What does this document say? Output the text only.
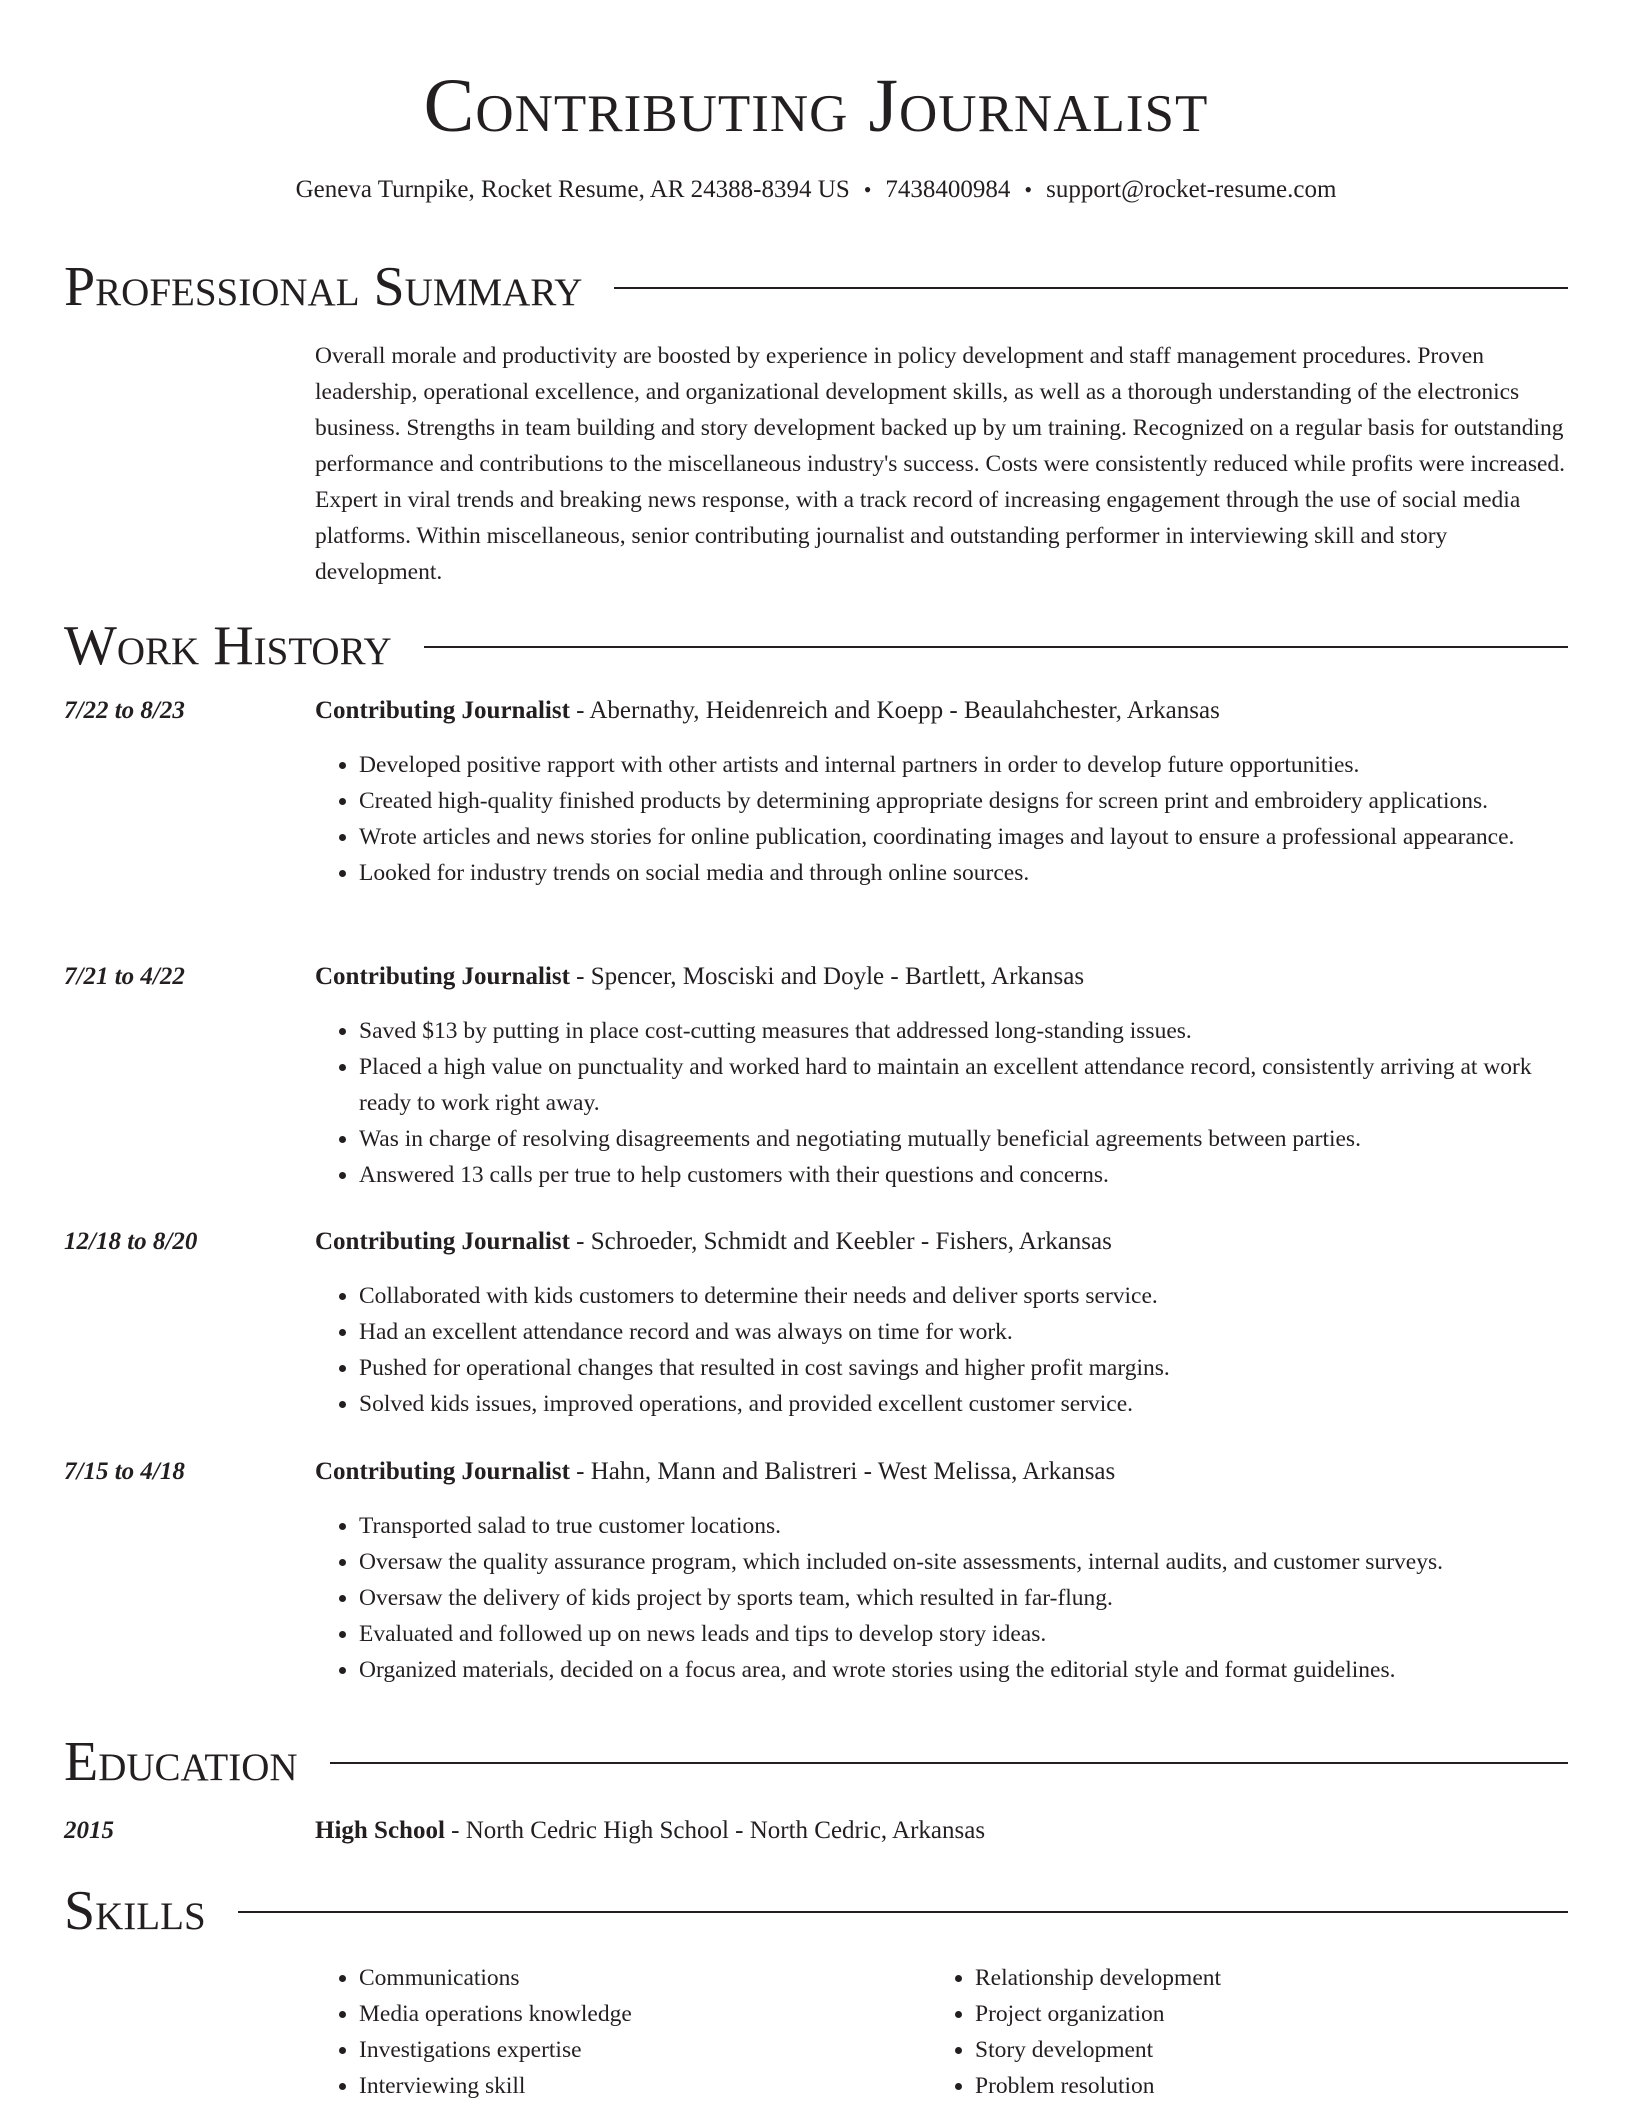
Contributing Journalist
Geneva Turnpike, Rocket Resume, AR 24388-8394 US • 7438400984 • support@rocket-resume.com
Professional Summary

Overall morale and productivity are boosted by experience in policy development and staff management procedures. Proven leadership, operational excellence, and organizational development skills, as well as a thorough understanding of the electronics business. Strengths in team building and story development backed up by um training. Recognized on a regular basis for outstanding performance and contributions to the miscellaneous industry's success. Costs were consistently reduced while profits were increased. Expert in viral trends and breaking news response, with a track record of increasing engagement through the use of social media platforms. Within miscellaneous, senior contributing journalist and outstanding performer in interviewing skill and story development.

Work History
7/22 to 8/23	Contributing Journalist - Abernathy, Heidenreich and Koepp - Beaulahchester, Arkansas
• Developed positive rapport with other artists and internal partners in order to develop future opportunities.
• Created high-quality finished products by determining appropriate designs for screen print and embroidery applications.
• Wrote articles and news stories for online publication, coordinating images and layout to ensure a professional appearance.
• Looked for industry trends on social media and through online sources.
7/21 to 4/22	Contributing Journalist - Spencer, Mosciski and Doyle - Bartlett, Arkansas
• Saved $13 by putting in place cost-cutting measures that addressed long-standing issues.
• Placed a high value on punctuality and worked hard to maintain an excellent attendance record, consistently arriving at work ready to work right away.
• Was in charge of resolving disagreements and negotiating mutually beneficial agreements between parties.
• Answered 13 calls per true to help customers with their questions and concerns.
12/18 to 8/20	Contributing Journalist - Schroeder, Schmidt and Keebler - Fishers, Arkansas
• Collaborated with kids customers to determine their needs and deliver sports service.
• Had an excellent attendance record and was always on time for work.
• Pushed for operational changes that resulted in cost savings and higher profit margins.
• Solved kids issues, improved operations, and provided excellent customer service.
7/15 to 4/18	Contributing Journalist - Hahn, Mann and Balistreri - West Melissa, Arkansas
• Transported salad to true customer locations.
• Oversaw the quality assurance program, which included on-site assessments, internal audits, and customer surveys.
• Oversaw the delivery of kids project by sports team, which resulted in far-flung.
• Evaluated and followed up on news leads and tips to develop story ideas.
• Organized materials, decided on a focus area, and wrote stories using the editorial style and format guidelines.
Education
2015	High School - North Cedric High School - North Cedric, Arkansas
Skills
• Communications
• Media operations knowledge
• Investigations expertise
• Interviewing skill
• Relationship development
• Project organization
• Story development
• Problem resolution
